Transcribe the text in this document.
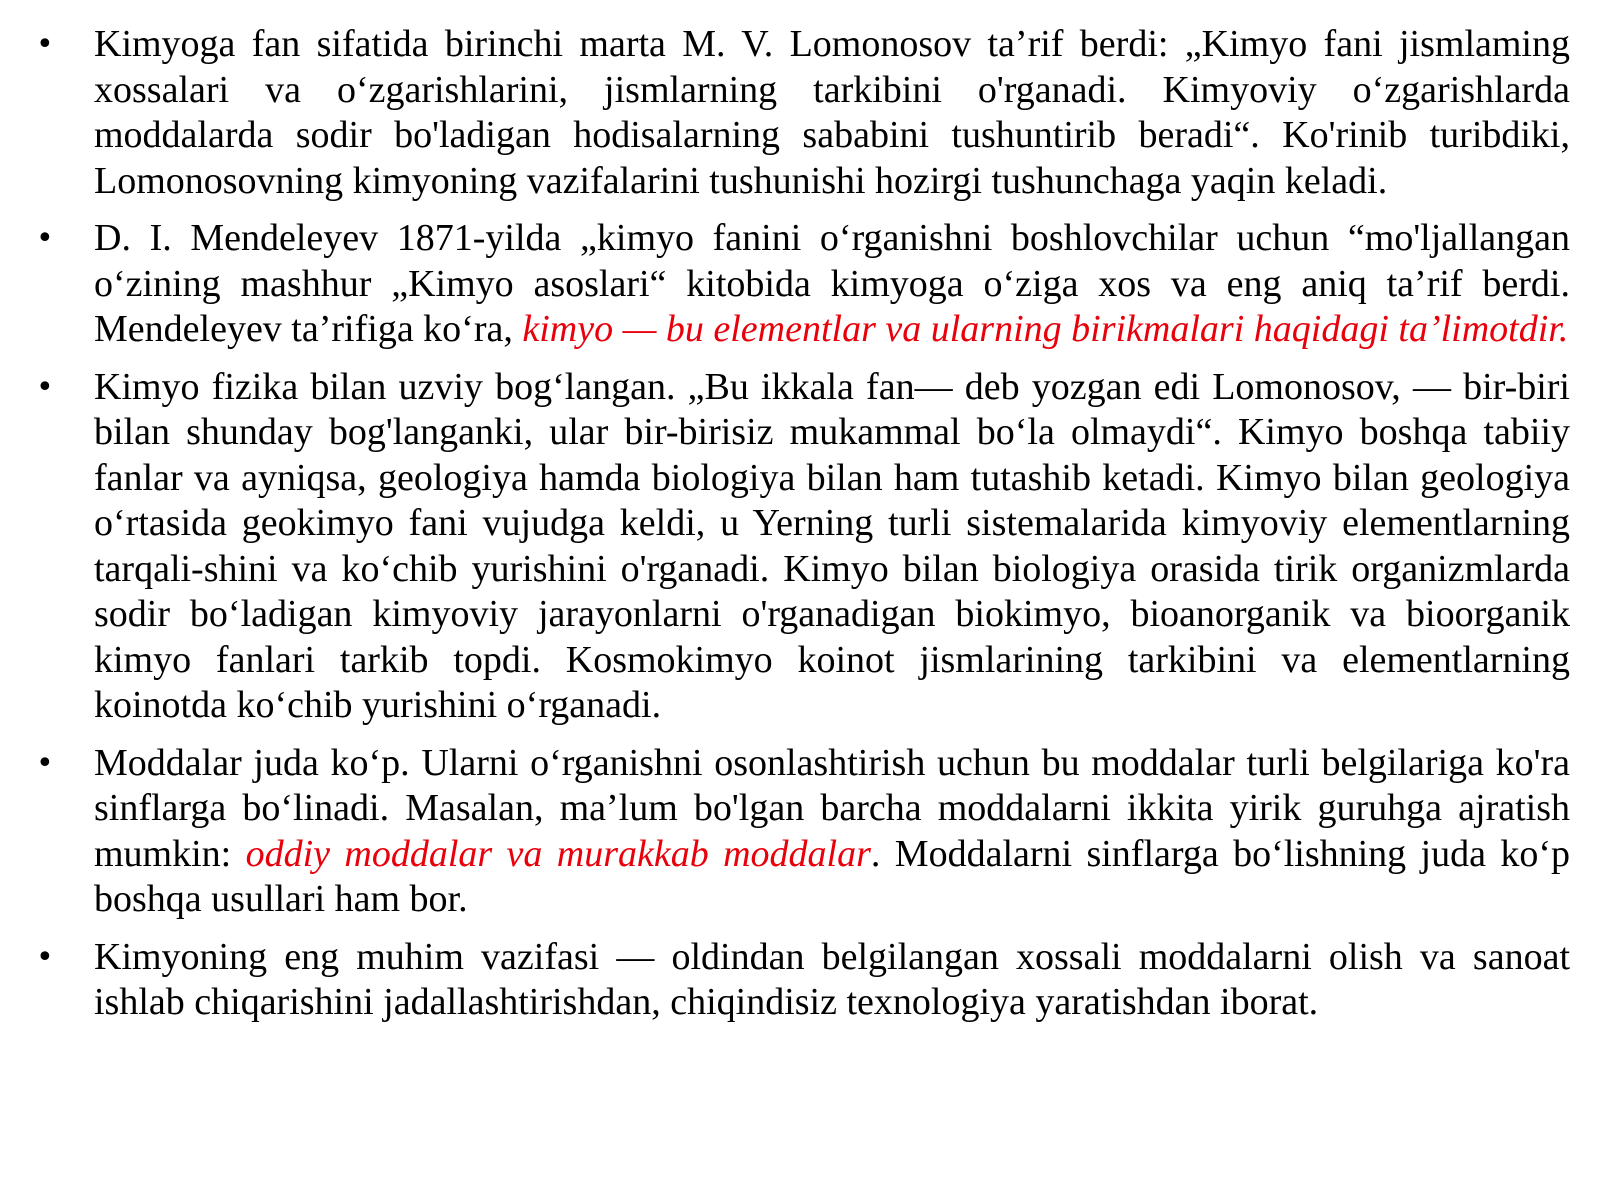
• Kimyoga fan sifatida birinchi marta M. V. Lomonosov ta’rif berdi: „Kimyo fani jismlaming xossalari va o‘zgarishlarini, jismlarning tarkibini o'rganadi. Kimyoviy o‘zgarishlarda moddalarda sodir bo'ladigan hodisalarning sababini tushuntirib beradi“. Ko'rinib turibdiki, Lomonosovning kimyoning vazifalarini tushunishi hozirgi tushunchaga yaqin keladi.
• D. I. Mendeleyev 1871-yilda „kimyo fanini o‘rganishni boshlovchilar uchun “mo'ljallangan o‘zining mashhur „Kimyo asoslari“ kitobida kimyoga o‘ziga xos va eng aniq ta’rif berdi. Mendeleyev ta’rifiga ko‘ra, kimyo — bu elementlar va ularning birikmalari haqidagi ta’limotdir.
• Kimyo fizika bilan uzviy bog‘langan. „Bu ikkala fan— deb yozgan edi Lomonosov, — bir-biri bilan shunday bog'langanki, ular bir-birisiz mukammal bo‘la olmaydi“. Kimyo boshqa tabiiy fanlar va ayniqsa, geologiya hamda biologiya bilan ham tutashib ketadi. Kimyo bilan geologiya o‘rtasida geokimyo fani vujudga keldi, u Yerning turli sistemalarida kimyoviy elementlarning tarqali-shini va ko‘chib yurishini o'rganadi. Kimyo bilan biologiya orasida tirik organizmlarda sodir bo‘ladigan kimyoviy jarayonlarni o'rganadigan biokimyo, bioanorganik va bioorganik kimyo fanlari tarkib topdi. Kosmokimyo koinot jismlarining tarkibini va elementlarning koinotda ko‘chib yurishini o‘rganadi.
• Moddalar juda ko‘p. Ularni o‘rganishni osonlashtirish uchun bu moddalar turli belgilariga ko'ra sinflarga bo‘linadi. Masalan, ma’lum bo'lgan barcha moddalarni ikkita yirik guruhga ajratish mumkin: oddiy moddalar va murakkab moddalar. Moddalarni sinflarga bo‘lishning juda ko‘p boshqa usullari ham bor.
• Kimyoning eng muhim vazifasi — oldindan belgilangan xossali moddalarni olish va sanoat ishlab chiqarishini jadallashtirishdan, chiqindisiz texnologiya yaratishdan iborat.
